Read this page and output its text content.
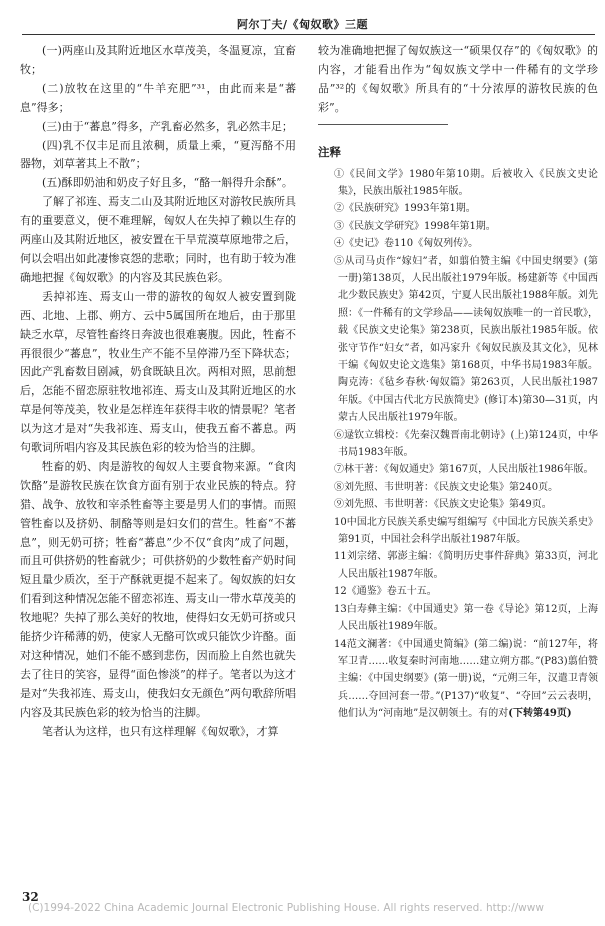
阿尔丁夫/《匈奴歌》三题

(一)两座山及其附近地区水草茂美，冬温夏凉，宜畜牧；

(二)放牧在这里的“牛羊充肥”³¹，由此而来是“蕃息”得多；

(三)由于“蕃息”得多，产乳畜必然多，乳必然丰足；

(四)乳不仅丰足而且浓稠，质量上乘，“夏泻酪不用器物，刘草著其上不散”；

(五)酥即奶油和奶皮子好且多，“酪一斛得升余酥”。

了解了祁连、焉支二山及其附近地区对游牧民族所具有的重要意义，便不难理解，匈奴人在失掉了赖以生存的两座山及其附近地区，被安置在干旱荒漠草原地带之后，何以会唱出如此凄惨哀怨的悲歌；同时，也有助于较为准确地把握《匈奴歌》的内容及其民族色彩。

丢掉祁连、焉支山一带的游牧的匈奴人被安置到陇西、北地、上郡、朔方、云中5属国所在地后，由于那里缺乏水草，尽管牲畜终日奔波也很难裹腹。因此，牲畜不再很很少“蕃息”，牧业生产不能不呈停滞乃至下降状态；因此产乳畜数目剧减，奶食既缺且次。两相对照，思前想后，怎能不留恋原驻牧地祁连、焉支山及其附近地区的水草是何等茂美，牧业是怎样连年获得丰收的情景呢？笔者以为这才是对“失我祁连、焉支山，使我五畜不蕃息。两句歌词所唱内容及其民族色彩的较为恰当的注脚。

牲畜的奶、肉是游牧的匈奴人主要食物来源。“食肉饮酪”是游牧民族在饮食方面有别于农业民族的特点。狩猎、战争、放牧和宰杀牲畜等主要是男人们的事情。而照管牲畜以及挤奶、制酪等则是妇女们的营生。牲畜“不蕃息”，则无奶可挤；牲畜“蕃息”少不仅“食肉”成了问题，而且可供挤奶的牲畜就少；可供挤奶的少数牲畜产奶时间短且量少质次，至于产酥就更提不起来了。匈奴族的妇女们看到这种情况怎能不留恋祁连、焉支山一带水草茂美的牧地呢？失掉了那么美好的牧地，使得妇女无奶可挤或只能挤少许稀薄的奶，使家人无酪可饮或只能饮少许酪。面对这种情况，她们不能不感到悲伤，因而脸上自然也就失去了往日的笑容，显得“面色惨淡”的样子。笔者以为这才是对“失我祁连、焉支山，使我妇女无颜色”两句歌辞所唱内容及其民族色彩的较为恰当的注脚。

笔者认为这样，也只有这样理解《匈奴歌》，才算

较为准确地把握了匈奴族这一“硕果仅存”的《匈奴歌》的内容，才能看出作为“匈奴族文学中一件稀有的文学珍品”³²的《匈奴歌》所具有的“十分浓厚的游牧民族的色彩”。

注释

①《民间文学》1980年第10期。后被收入《民族文史论集》，民族出版社1985年版。

②《民族研究》1993年第1期。

③《民族文学研究》1998年第1期。

④《史记》卷110《匈奴列传》。

⑤从司马贞作“嫁妇”者，如翦伯赞主编《中国史纲要》(第一册)第138页，人民出版社1979年版。杨建新等《中国西北少数民族史》第42页，宁夏人民出版社1988年版。刘先照：《一件稀有的文学珍品——读匈奴族唯一的一首民歌》，载《民族文史论集》第238页，民族出版社1985年版。依张守节作“妇女”者，如冯家升《匈奴民族及其文化》，见林干编《匈奴史论文选集》第168页，中华书局1983年版。陶克涛：《毡乡春秋·匈奴篇》第263页，人民出版社1987年版。《中国古代北方民族简史》(修订本)第30—31页，内蒙古人民出版社1979年版。

⑥逯钦立辑校：《先秦汉魏晋南北朝诗》(上)第124页，中华书局1983年版。

⑦林干著：《匈奴通史》第167页，人民出版社1986年版。

⑧刘先照、韦世明著：《民族文史论集》第240页。

⑨刘先照、韦世明著：《民族文史论集》第49页。

10中国北方民族关系史编写组编写《中国北方民族关系史》第91页，中国社会科学出版社1987年版。

11刘宗绪、郭澎主编：《简明历史事件辞典》第33页，河北人民出版社1987年版。

12《通鉴》卷五十五。

13白寿彝主编：《中国通史》第一卷《导论》第12页，上海人民出版社1989年版。

14范文澜著：《中国通史简编》(第二编)说：“前127年，将军卫青……收复秦时河南地……建立朔方郡。”(P83)翦伯赞主编：《中国史纲要》(第一册)说，“元朔三年，汉遣卫青领兵……夺回河套一带。”(P137)“收复”、“夺回”云云表明，他们认为“河南地”是汉朝领土。有的对(下转第49页)

32
(C)1994-2022 China Academic Journal Electronic Publishing House. All rights reserved. http://www
